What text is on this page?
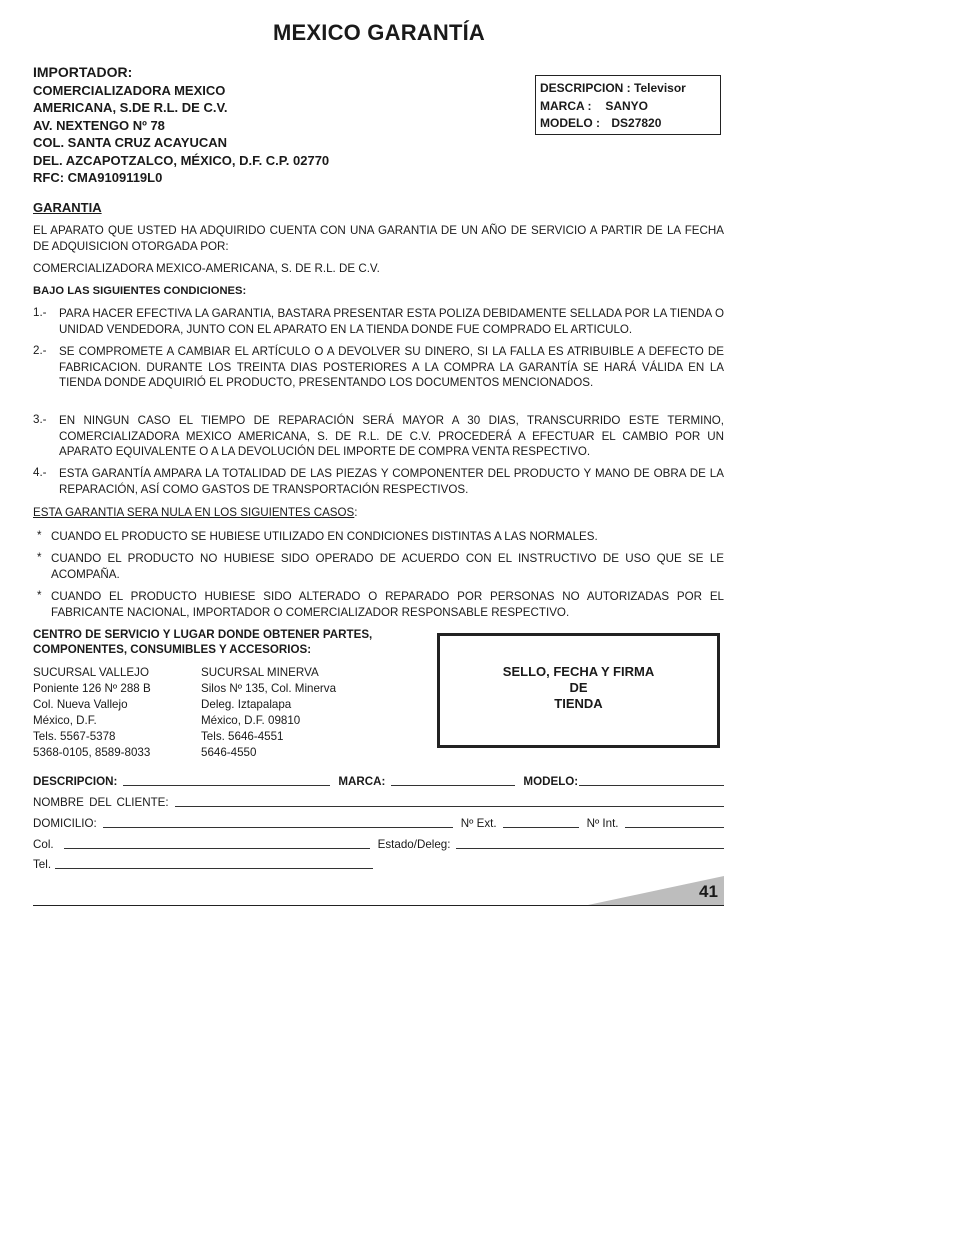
MEXICO GARANTÍA
IMPORTADOR:
COMERCIALIZADORA MEXICO
AMERICANA, S.DE R.L. DE C.V.
AV. NEXTENGO Nº 78
COL. SANTA CRUZ ACAYUCAN
DEL. AZCAPOTZALCO, MÉXICO, D.F. C.P. 02770
RFC: CMA9109119L0
DESCRIPCION : Televisor
MARCA : SANYO
MODELO : DS27820
GARANTIA
EL APARATO QUE USTED HA ADQUIRIDO CUENTA CON UNA GARANTIA DE UN AÑO DE SERVICIO A PARTIR DE LA FECHA DE ADQUISICION OTORGADA POR:
COMERCIALIZADORA MEXICO-AMERICANA, S. DE R.L. DE C.V.
BAJO LAS SIGUIENTES CONDICIONES:
1.- PARA HACER EFECTIVA LA GARANTIA, BASTARA PRESENTAR ESTA POLIZA DEBIDAMENTE SELLADA POR LA TIENDA O UNIDAD VENDEDORA, JUNTO CON EL APARATO EN LA TIENDA DONDE FUE COMPRADO EL ARTICULO.
2.- SE COMPROMETE A CAMBIAR EL ARTÍCULO O A DEVOLVER SU DINERO, SI LA FALLA ES ATRIBUIBLE A DEFECTO DE FABRICACION. DURANTE LOS TREINTA DIAS POSTERIORES A LA COMPRA LA GARANTÍA SE HARÁ VÁLIDA EN LA TIENDA DONDE ADQUIRIÓ EL PRODUCTO, PRESENTANDO LOS DOCUMENTOS MENCIONADOS.
3.- EN NINGUN CASO EL TIEMPO DE REPARACIÓN SERÁ MAYOR A 30 DIAS, TRANSCURRIDO ESTE TERMINO, COMERCIALIZADORA MEXICO AMERICANA, S. DE R.L. DE C.V. PROCEDERÁ A EFECTUAR EL CAMBIO POR UN APARATO EQUIVALENTE O A LA DEVOLUCIÓN DEL IMPORTE DE COMPRA VENTA RESPECTIVO.
4.- ESTA GARANTÍA AMPARA LA TOTALIDAD DE LAS PIEZAS Y COMPONENTER DEL PRODUCTO Y MANO DE OBRA DE LA REPARACIÓN, ASÍ COMO GASTOS DE TRANSPORTACIÓN RESPECTIVOS.
ESTA GARANTIA SERA NULA EN LOS SIGUIENTES CASOS:
* CUANDO EL PRODUCTO SE HUBIESE UTILIZADO EN CONDICIONES DISTINTAS A LAS NORMALES.
* CUANDO EL PRODUCTO NO HUBIESE SIDO OPERADO DE ACUERDO CON EL INSTRUCTIVO DE USO QUE SE LE ACOMPAÑA.
* CUANDO EL PRODUCTO HUBIESE SIDO ALTERADO O REPARADO POR PERSONAS NO AUTORIZADAS POR EL FABRICANTE NACIONAL, IMPORTADOR O COMERCIALIZADOR RESPONSABLE RESPECTIVO.
CENTRO DE SERVICIO Y LUGAR DONDE OBTENER PARTES,
COMPONENTES, CONSUMIBLES Y ACCESORIOS:
SUCURSAL VALLEJO
Poniente 126 Nº 288 B
Col. Nueva Vallejo
México, D.F.
Tels. 5567-5378
5368-0105, 8589-8033
SUCURSAL MINERVA
Silos Nº 135, Col. Minerva
Deleg. Iztapalapa
México, D.F. 09810
Tels. 5646-4551
5646-4550
SELLO, FECHA Y FIRMA
DE
TIENDA
DESCRIPCION:	MARCA:	MODELO:
NOMBRE DEL CLIENTE:
DOMICILIO:	Nº Ext.	Nº Int.
Col.	Estado/Deleg:
Tel.
41
